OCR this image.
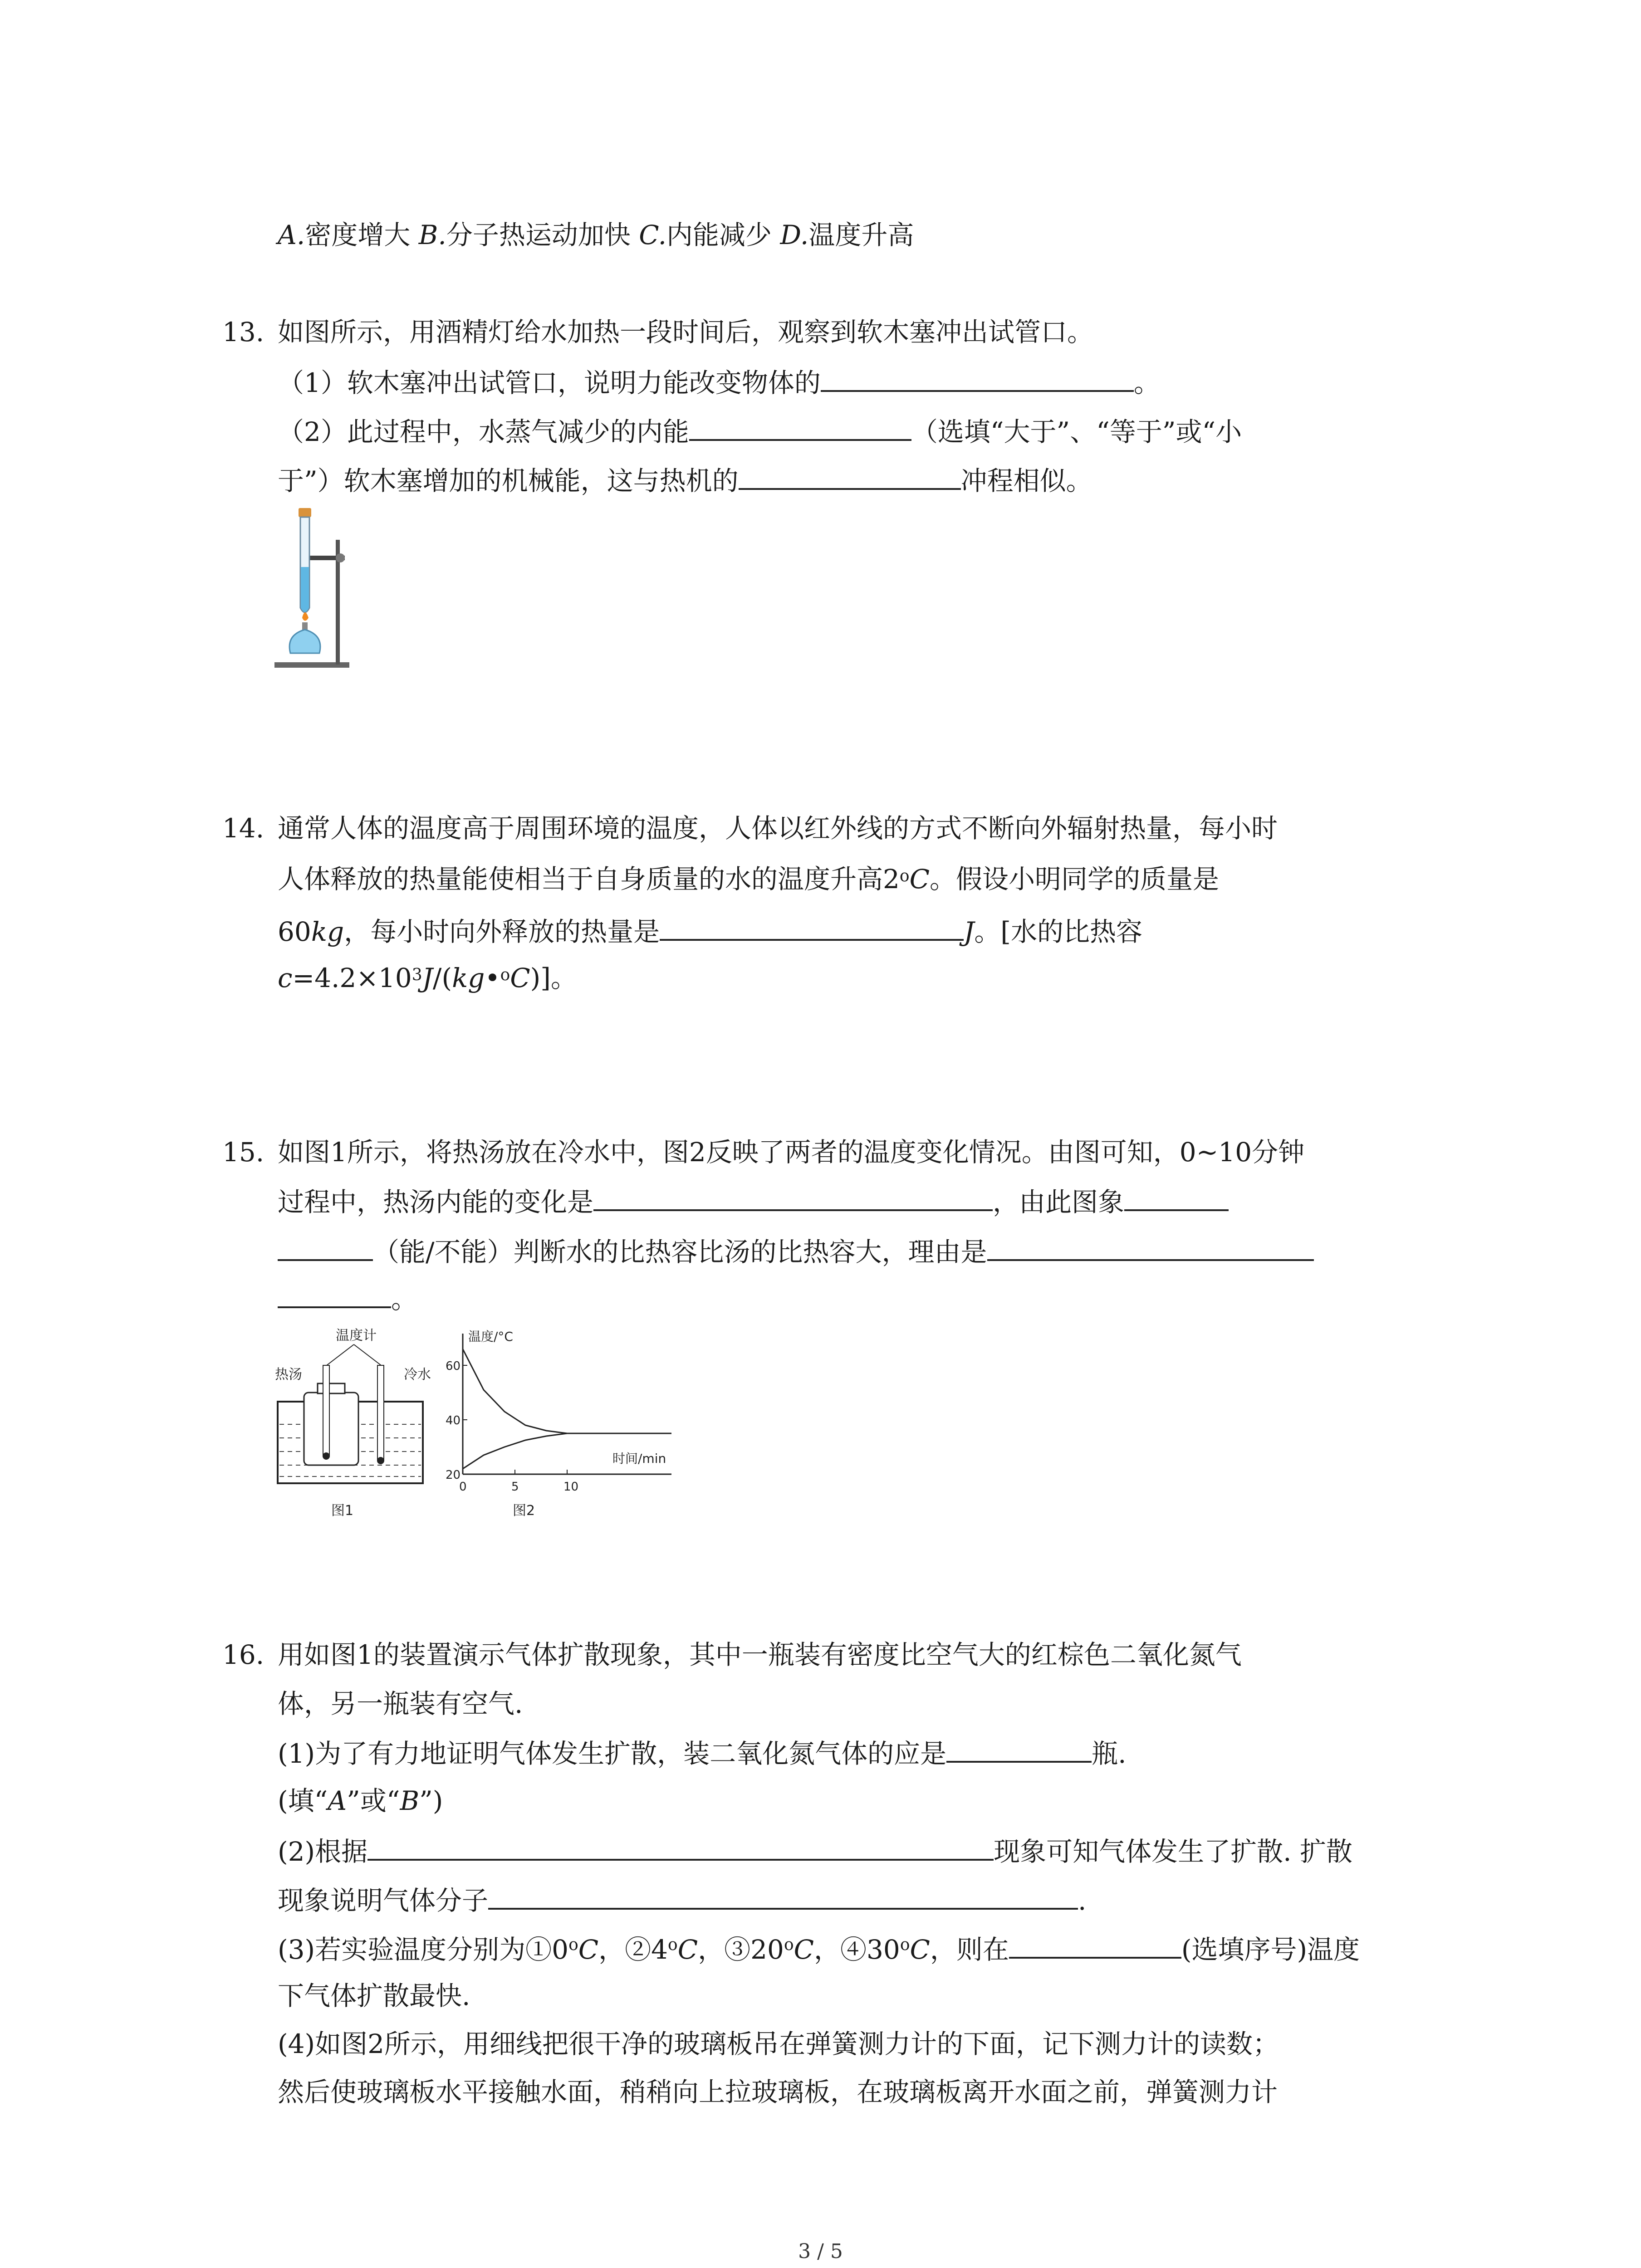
A.密度增大 B.分子热运动加快 C.内能减少 D.温度升高
13. 如图所示，用酒精灯给水加热一段时间后，观察到软木塞冲出试管口。
（1）软木塞冲出试管口，说明力能改变物体的	。
（2）此过程中，水蒸气减少的内能	（选填“大于”、“等于”或“小
于”）软木塞增加的机械能，这与热机的	冲程相似。
14. 通常人体的温度高于周围环境的温度，人体以红外线的方式不断向外辐射热量，每小时
人体释放的热量能使相当于自身质量的水的温度升高2$^o$C。假设小明同学的质量是
60kg，每小时向外释放的热量是	J。[水的比热容
$c=4.2\times 10^3J/(kg•^oC)$]。
15. 如图1所示，将热汤放在冷水中，图2反映了两者的温度变化情况。由图可知，0~10分钟
过程中，热汤内能的变化是	，由此图象
（能/不能）判断水的比热容比汤的比热容大，理由是
。
温度计
热汤	冷水
图1
温度/°C
时间/min
20
40
60
0	5	10
图2
16. 用如图1的装置演示气体扩散现象，其中一瓶装有密度比空气大的红棕色二氧化氮气
体，另一瓶装有空气.
(1)为了有力地证明气体发生扩散，装二氧化氮气体的应是	瓶.
(填“A”或“B”)
(2)根据	现象可知气体发生了扩散. 扩散
现象说明气体分子	.
(3)若实验温度分别为①0$^o$C，②4$^o$C，③20$^o$C，④30$^o$C，则在	(选填序号)温度
下气体扩散最快.
(4)如图2所示，用细线把很干净的玻璃板吊在弹簧测力计的下面，记下测力计的读数；
然后使玻璃板水平接触水面，稍稍向上拉玻璃板，在玻璃板离开水面之前，弹簧测力计
3 / 5
